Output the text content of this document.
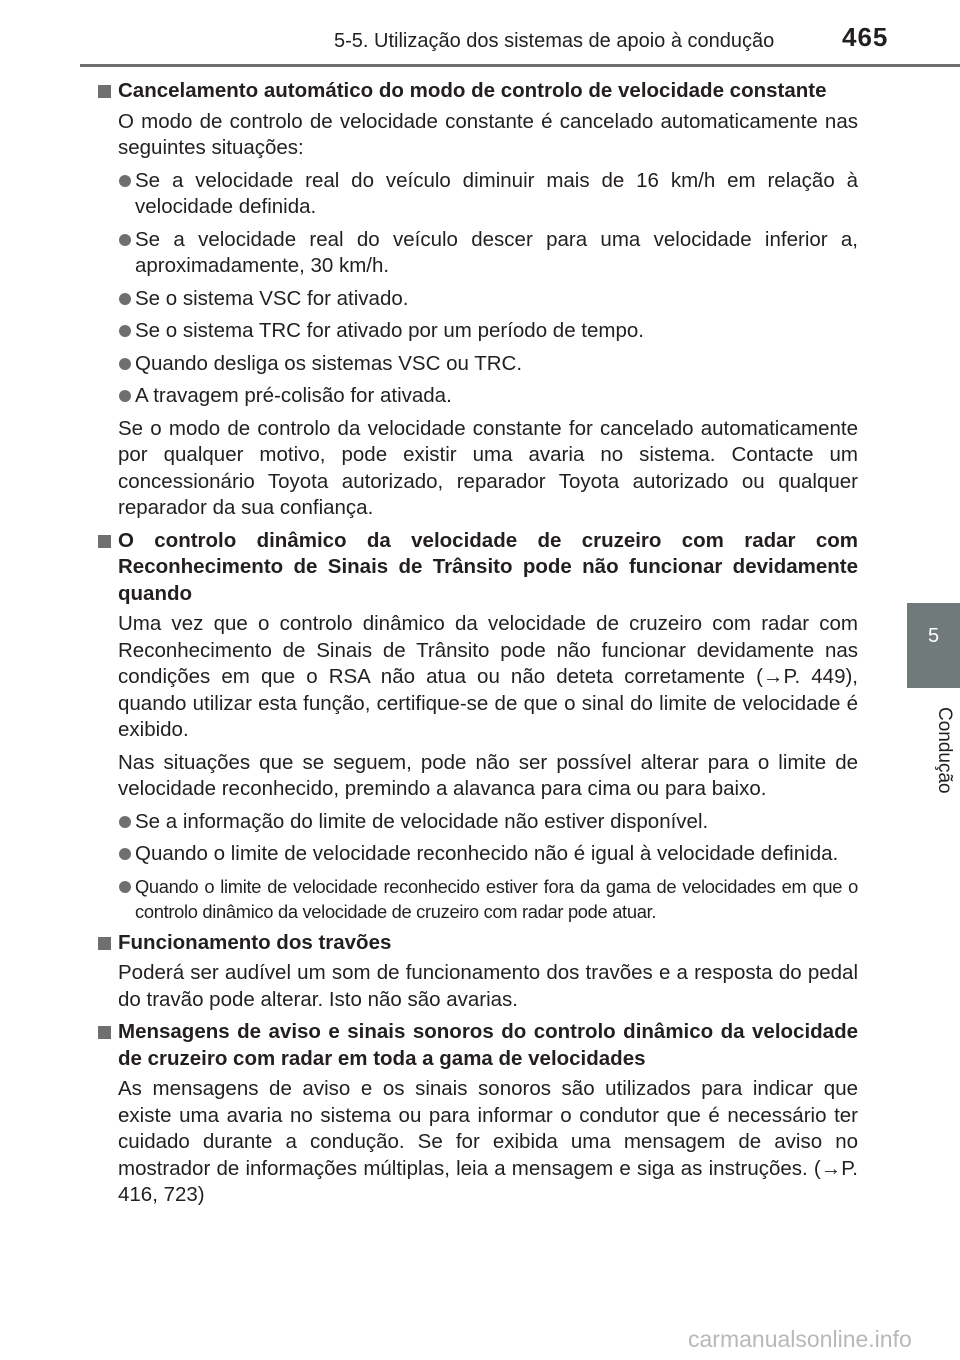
5-5. Utilização dos sistemas de apoio à condução	465
5
Condução
Cancelamento automático do modo de controlo de velocidade constante
O modo de controlo de velocidade constante é cancelado automaticamente nas seguintes situações:
Se a velocidade real do veículo diminuir mais de 16 km/h em relação à velocidade definida.
Se a velocidade real do veículo descer para uma velocidade inferior a, aproximadamente, 30 km/h.
Se o sistema VSC for ativado.
Se o sistema TRC for ativado por um período de tempo.
Quando desliga os sistemas VSC ou TRC.
A travagem pré-colisão for ativada.
Se o modo de controlo da velocidade constante for cancelado automaticamente por qualquer motivo, pode existir uma avaria no sistema. Contacte um concessionário Toyota autorizado, reparador Toyota autorizado ou qualquer reparador da sua confiança.
O controlo dinâmico da velocidade de cruzeiro com radar com Reconhecimento de Sinais de Trânsito pode não funcionar devidamente quando
Uma vez que o controlo dinâmico da velocidade de cruzeiro com radar com Reconhecimento de Sinais de Trânsito pode não funcionar devidamente nas condições em que o RSA não atua ou não deteta corretamente (→P. 449), quando utilizar esta função, certifique-se de que o sinal do limite de velocidade é exibido.
Nas situações que se seguem, pode não ser possível alterar para o limite de velocidade reconhecido, premindo a alavanca para cima ou para baixo.
Se a informação do limite de velocidade não estiver disponível.
Quando o limite de velocidade reconhecido não é igual à velocidade definida.
Quando o limite de velocidade reconhecido estiver fora da gama de velocidades em que o controlo dinâmico da velocidade de cruzeiro com radar pode atuar.
Funcionamento dos travões
Poderá ser audível um som de funcionamento dos travões e a resposta do pedal do travão pode alterar. Isto não são avarias.
Mensagens de aviso e sinais sonoros do controlo dinâmico da velocidade de cruzeiro com radar em toda a gama de velocidades
As mensagens de aviso e os sinais sonoros são utilizados para indicar que existe uma avaria no sistema ou para informar o condutor que é necessário ter cuidado durante a condução. Se for exibida uma mensagem de aviso no mostrador de informações múltiplas, leia a mensagem e siga as instruções. (→P. 416, 723)
carmanualsonline.info
